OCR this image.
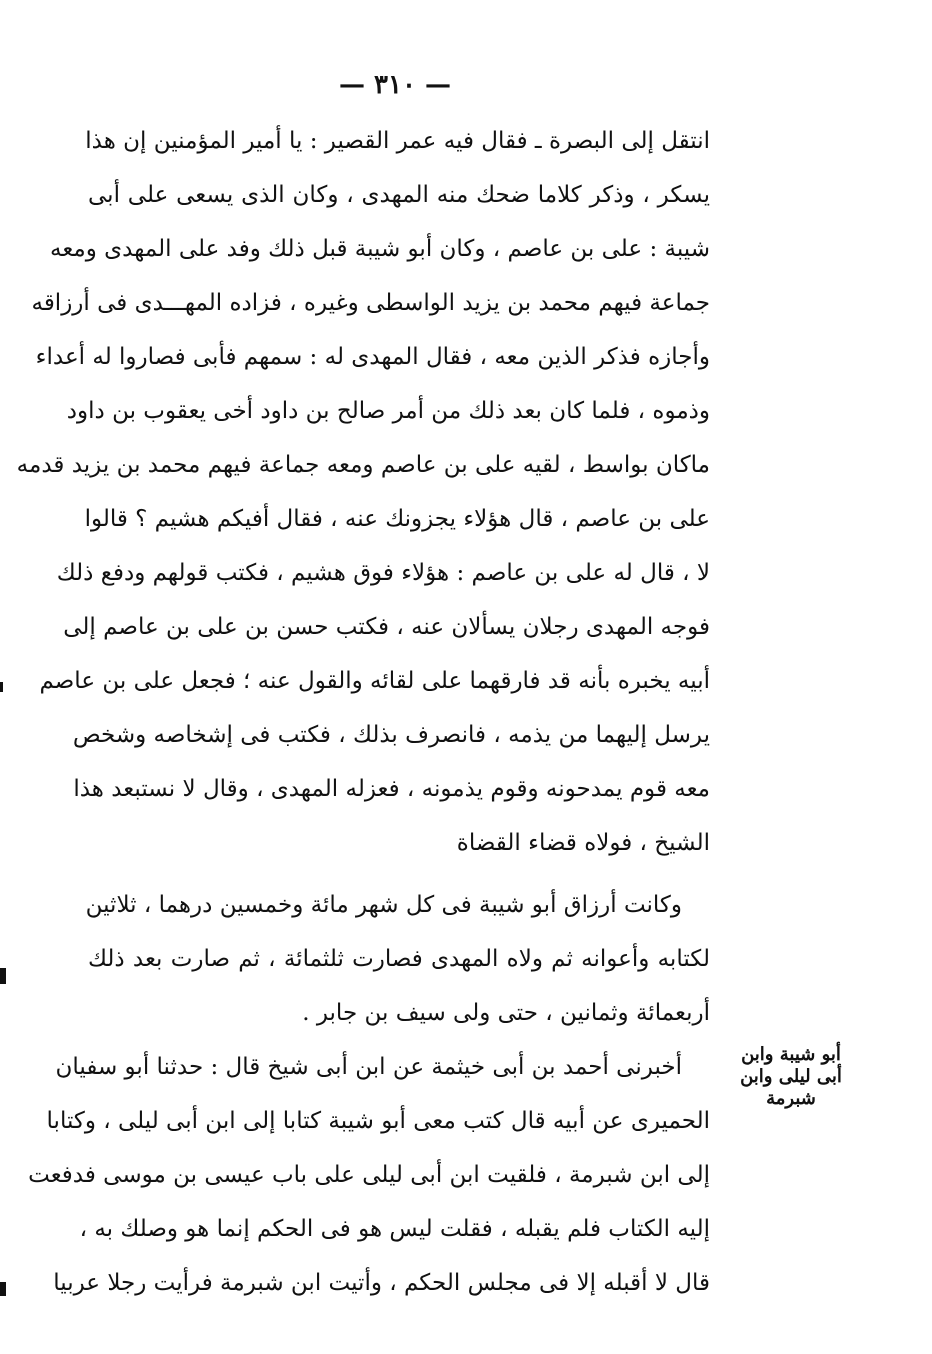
— ٣١٠ —
انتقل إلى البصرة ـ فقال فيه عمر القصير : يا أمير المؤمنين إن هذا
يسكر ، وذكر كلاما ضحك منه المهدى ، وكان الذى يسعى على أبى
شيبة : على بن عاصم ، وكان أبو شيبة قبل ذلك وفد على المهدى ومعه
جماعة فيهم محمد بن يزيد الواسطى وغيره ، فزاده المهـــدى فى أرزاقه
وأجازه فذكر الذين معه ، فقال المهدى له : سمهم فأبى فصاروا له أعداء
وذموه ، فلما كان بعد ذلك من أمر صالح بن داود أخى يعقوب بن داود
ماكان بواسط ، لقيه على بن عاصم ومعه جماعة فيهم محمد بن يزيد قدمه
على بن عاصم ، قال هؤلاء يجزونك عنه ، فقال أفيكم هشيم ؟ قالوا
لا ، قال له على بن عاصم : هؤلاء فوق هشيم ، فكتب قولهم ودفع ذلك
فوجه المهدى رجلان يسألان عنه ، فكتب حسن بن على بن عاصم إلى
أبيه يخبره بأنه قد فارقهما على لقائه والقول عنه ؛ فجعل على بن عاصم
يرسل إليهما من يذمه ، فانصرف بذلك ، فكتب فى إشخاصه وشخص
معه قوم يمدحونه وقوم يذمونه ، فعزله المهدى ، وقال لا نستبعد هذا
الشيخ ، فولاه قضاء القضاة
وكانت أرزاق أبو شيبة فى كل شهر مائة وخمسين درهما ، ثلاثين
لكتابه وأعوانه ثم ولاه المهدى فصارت ثلثمائة ، ثم صارت بعد ذلك
أربعمائة وثمانين ، حتى ولى سيف بن جابر .
أخبرنى أحمد بن أبى خيثمة عن ابن أبى شيخ قال : حدثنا أبو سفيان
الحميرى عن أبيه قال كتب معى أبو شيبة كتابا إلى ابن أبى ليلى ، وكتابا
إلى ابن شبرمة ، فلقيت ابن أبى ليلى على باب عيسى بن موسى فدفعت
إليه الكتاب فلم يقبله ، فقلت ليس هو فى الحكم إنما هو وصلك به ،
قال لا أقبله إلا فى مجلس الحكم ، وأتيت ابن شبرمة فرأيت رجلا عربيا
أبو شيبة وابن
أبى ليلى وابن
شبرمة
